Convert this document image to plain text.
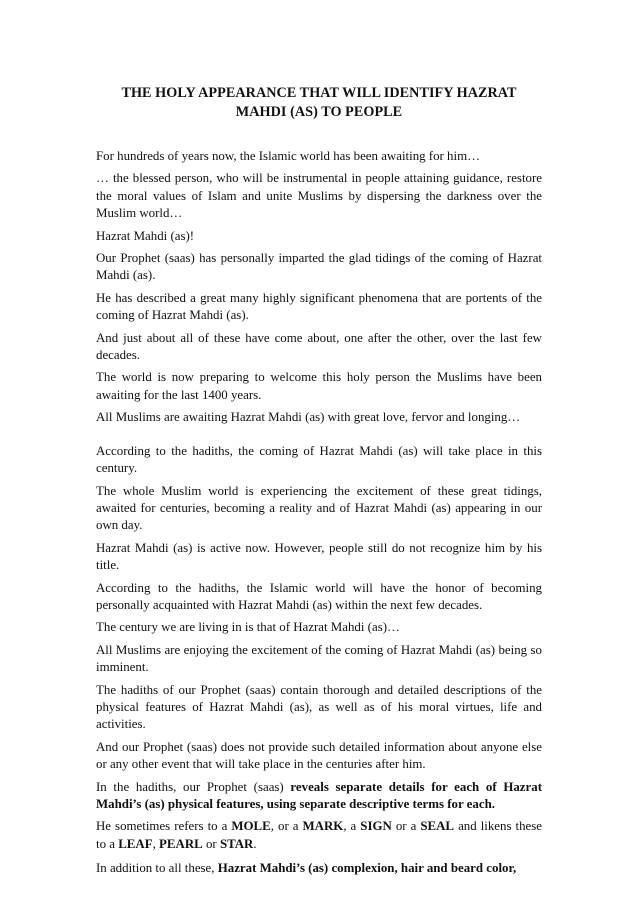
THE HOLY APPEARANCE THAT WILL IDENTIFY HAZRAT
MAHDI (AS) TO PEOPLE

For hundreds of years now, the Islamic world has been awaiting for him…

… the blessed person, who will be instrumental in people attaining guidance, restore the moral values of Islam and unite Muslims by dispersing the darkness over the Muslim world…

Hazrat Mahdi (as)!

Our Prophet (saas) has personally imparted the glad tidings of the coming of Hazrat Mahdi (as).

He has described a great many highly significant phenomena that are portents of the coming of Hazrat Mahdi (as).

And just about all of these have come about, one after the other, over the last few decades.

The world is now preparing to welcome this holy person the Muslims have been awaiting for the last 1400 years.

All Muslims are awaiting Hazrat Mahdi (as) with great love, fervor and longing…

According to the hadiths, the coming of Hazrat Mahdi (as) will take place in this century.

The whole Muslim world is experiencing the excitement of these great tidings, awaited for centuries, becoming a reality and of Hazrat Mahdi (as) appearing in our own day.

Hazrat Mahdi (as) is active now. However, people still do not recognize him by his title.

According to the hadiths, the Islamic world will have the honor of becoming personally acquainted with Hazrat Mahdi (as) within the next few decades.

The century we are living in is that of Hazrat Mahdi (as)…

All Muslims are enjoying the excitement of the coming of Hazrat Mahdi (as) being so imminent.

The hadiths of our Prophet (saas) contain thorough and detailed descriptions of the physical features of Hazrat Mahdi (as), as well as of his moral virtues, life and activities.

And our Prophet (saas) does not provide such detailed information about anyone else or any other event that will take place in the centuries after him.

In the hadiths, our Prophet (saas) reveals separate details for each of Hazrat Mahdi’s (as) physical features, using separate descriptive terms for each.

He sometimes refers to a MOLE, or a MARK, a SIGN or a SEAL and likens these to a LEAF, PEARL or STAR.

In addition to all these, Hazrat Mahdi’s (as) complexion, hair and beard color,
